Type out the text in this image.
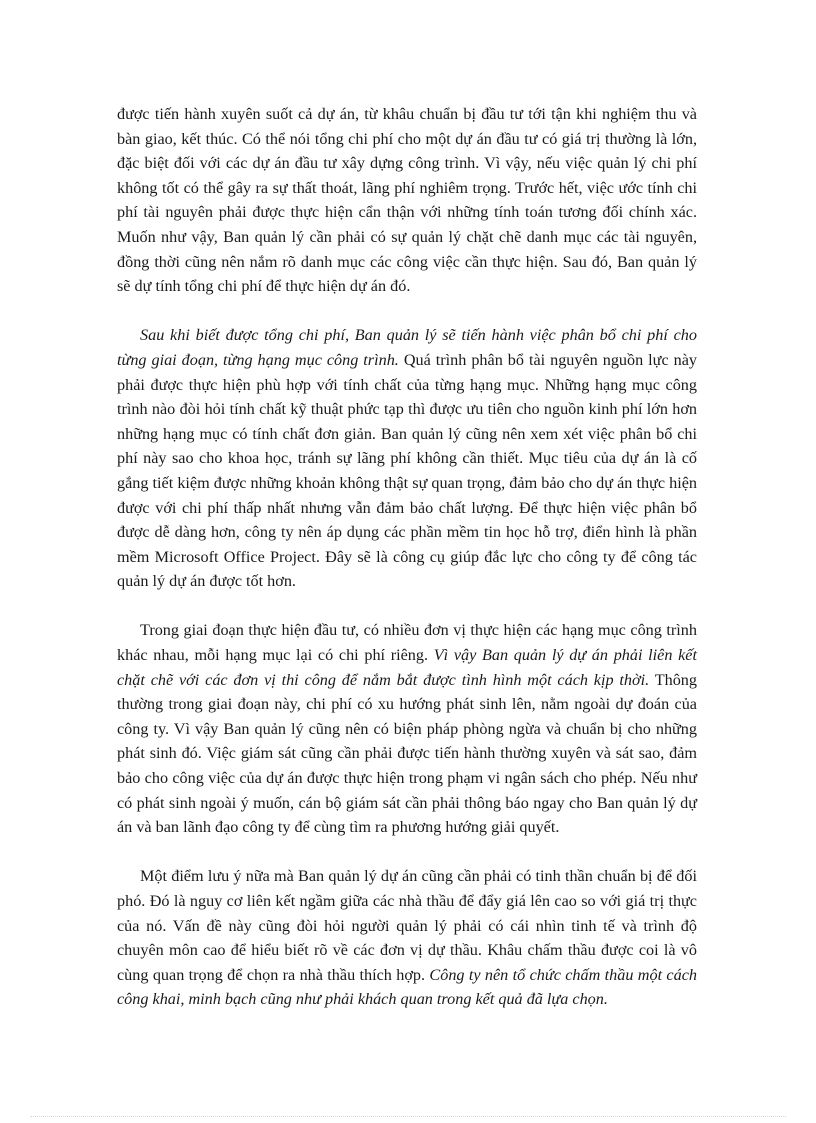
được tiến hành xuyên suốt cả dự án, từ khâu chuẩn bị đầu tư tới tận khi nghiệm thu và bàn giao, kết thúc. Có thể nói tổng chi phí cho một dự án đầu tư có giá trị thường là lớn, đặc biệt đối với các dự án đầu tư xây dựng công trình. Vì vậy, nếu việc quản lý chi phí không tốt có thể gây ra sự thất thoát, lãng phí nghiêm trọng. Trước hết, việc ước tính chi phí tài nguyên phải được thực hiện cẩn thận với những tính toán tương đối chính xác. Muốn như vậy, Ban quản lý cần phải có sự quản lý chặt chẽ danh mục các tài nguyên, đồng thời cũng nên nắm rõ danh mục các công việc cần thực hiện. Sau đó, Ban quản lý sẽ dự tính tổng chi phí để thực hiện dự án đó.

Sau khi biết được tổng chi phí, Ban quản lý sẽ tiến hành việc phân bổ chi phí cho từng giai đoạn, từng hạng mục công trình. Quá trình phân bổ tài nguyên nguồn lực này phải được thực hiện phù hợp với tính chất của từng hạng mục. Những hạng mục công trình nào đòi hỏi tính chất kỹ thuật phức tạp thì được ưu tiên cho nguồn kinh phí lớn hơn những hạng mục có tính chất đơn giản. Ban quản lý cũng nên xem xét việc phân bổ chi phí này sao cho khoa học, tránh sự lãng phí không cần thiết. Mục tiêu của dự án là cố gắng tiết kiệm được những khoản không thật sự quan trọng, đảm bảo cho dự án thực hiện được với chi phí thấp nhất nhưng vẫn đảm bảo chất lượng. Để thực hiện việc phân bổ được dễ dàng hơn, công ty nên áp dụng các phần mềm tin học hỗ trợ, điển hình là phần mềm Microsoft Office Project. Đây sẽ là công cụ giúp đắc lực cho công ty để công tác quản lý dự án được tốt hơn.

Trong giai đoạn thực hiện đầu tư, có nhiều đơn vị thực hiện các hạng mục công trình khác nhau, mỗi hạng mục lại có chi phí riêng. Vì vậy Ban quản lý dự án phải liên kết chặt chẽ với các đơn vị thi công để nắm bắt được tình hình một cách kịp thời. Thông thường trong giai đoạn này, chi phí có xu hướng phát sinh lên, nằm ngoài dự đoán của công ty. Vì vậy Ban quản lý cũng nên có biện pháp phòng ngừa và chuẩn bị cho những phát sinh đó. Việc giám sát cũng cần phải được tiến hành thường xuyên và sát sao, đảm bảo cho công việc của dự án được thực hiện trong phạm vi ngân sách cho phép. Nếu như có phát sinh ngoài ý muốn, cán bộ giám sát cần phải thông báo ngay cho Ban quản lý dự án và ban lãnh đạo công ty để cùng tìm ra phương hướng giải quyết.

Một điểm lưu ý nữa mà Ban quản lý dự án cũng cần phải có tinh thần chuẩn bị để đối phó. Đó là nguy cơ liên kết ngầm giữa các nhà thầu để đẩy giá lên cao so với giá trị thực của nó. Vấn đề này cũng đòi hỏi người quản lý phải có cái nhìn tinh tế và trình độ chuyên môn cao để hiểu biết rõ về các đơn vị dự thầu. Khâu chấm thầu được coi là vô cùng quan trọng để chọn ra nhà thầu thích hợp. Công ty nên tổ chức chấm thầu một cách công khai, minh bạch cũng như phải khách quan trong kết quả đã lựa chọn.
